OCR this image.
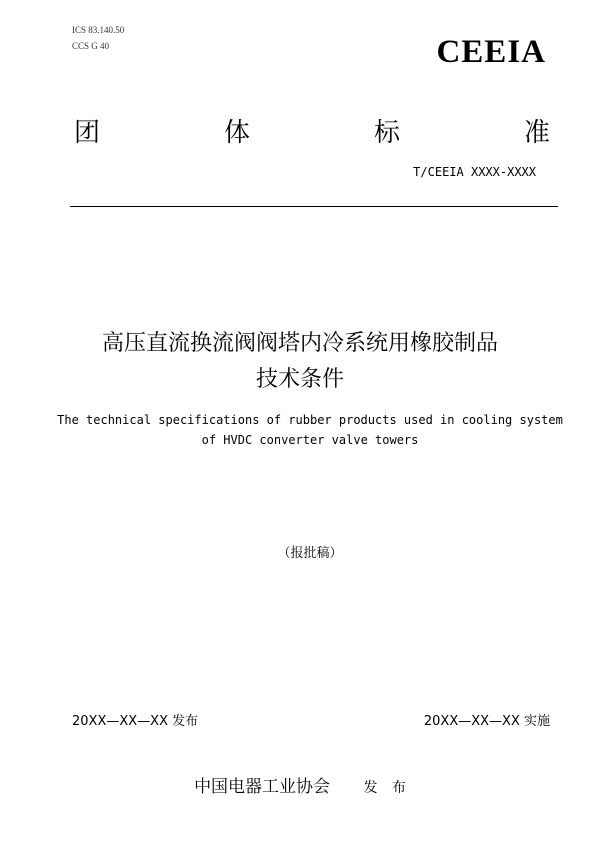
ICS 83.140.50
CCS G 40	CEEIA
团	体	标	准
T/CEEIA XXXX-XXXX
高压直流换流阀阀塔内冷系统用橡胶制品
技术条件
The technical specifications of rubber products used in cooling system
of HVDC converter valve towers
（报批稿）
20XX—XX—XX 发布	20XX—XX—XX 实施
中国电器工业协会 发 布
